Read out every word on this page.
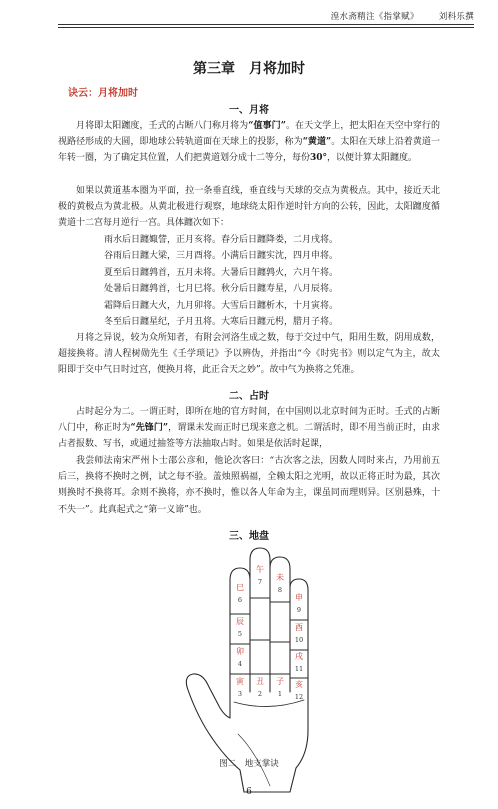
湟水斋精注《指掌赋》 刘科乐撰
第三章　月将加时
诀云：月将加时
一、月将

月将即太阳躔度，壬式的占断八门称月将为“值事门”。在天文学上，把太阳在天空中穿行的视路径形成的大圆，即地球公转轨道面在天球上的投影，称为“黄道”。太阳在天球上沿着黄道一年转一圈，为了确定其位置，人们把黄道划分成十二等分，每份30°，以便计算太阳躔度。

如果以黄道基本圈为平面，拉一条垂直线，垂直线与天球的交点为黄极点。其中，接近天北极的黄极点为黄北极。从黄北极进行观察，地球绕太阳作逆时针方向的公转，因此，太阳躔度循黄道十二宫每月逆行一宫。具体躔次如下：

雨水后日躔娵訾，正月亥将。春分后日躔降娄，二月戌将。
谷雨后日躔大梁，三月酉将。小满后日躔实沈，四月申将。
夏至后日躔鹑首，五月未将。大暑后日躔鹑火，六月午将。
处暑后日躔鹑首，七月巳将。秋分后日躔寿星，八月辰将。
霜降后日躔大火，九月卯将。大雪后日躔析木，十月寅将。
冬至后日躔星纪，子月丑将。大寒后日躔元枵，腊月子将。

月将之异说，较为众所知者，有附会河洛生成之数，每于交过中气，阳用生数，阴用成数，超接换将。清人程树勋先生《壬学琐记》予以辨伪，并指出“今《时宪书》则以定气为主，故太阳即于交中气日时过宫，便换月将，此正合天之妙”。故中气为换将之凭准。

二、占时

占时起分为二。一谓正时，即所在地的官方时间，在中国则以北京时间为正时。壬式的占断八门中，称正时为“先锋门”，谓课未发而正时已现来意之机。二谓活时，即不用当前正时，由求占者报数、写书，或通过抽签等方法抽取占时。如果是依活时起课，

我尝师法南宋严州卜士邵公彦和，他论次客曰：“古次客之法，因数人同时来占，乃用前五后三，换将不换时之例，试之每不验。盖烛照祸福，全赖太阳之光明，故以正将正时为最，其次则换时不换将耳。余则不换将，亦不换时，惟以各人年命为主，课虽同而理则异。区别悬殊，十不失一”。此真起式之“第一义谛”也。

三、地盘
午
7 未
8
巳
6	申
9
酉
10
辰
5
戌
11
卯
4
亥
12
寅
3
丑
2
子
1
图二　地支掌诀
6
